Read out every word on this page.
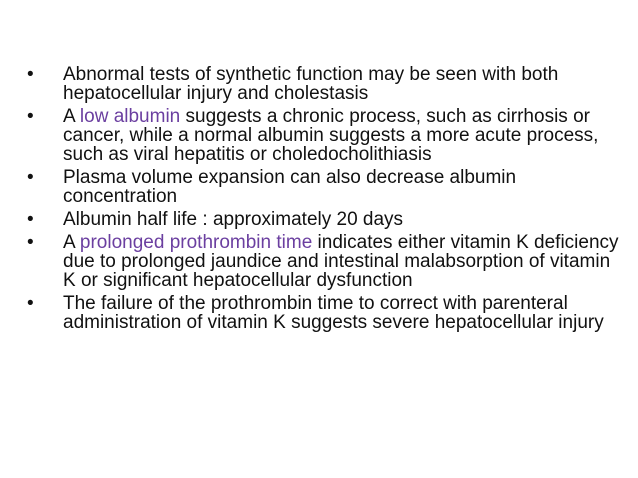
• Abnormal tests of synthetic function may be seen with both hepatocellular injury and cholestasis
• A low albumin suggests a chronic process, such as cirrhosis or cancer, while a normal albumin suggests a more acute process, such as viral hepatitis or choledocholithiasis
• Plasma volume expansion can also decrease albumin concentration
• Albumin half life : approximately 20 days
• A prolonged prothrombin time indicates either vitamin K deficiency due to prolonged jaundice and intestinal malabsorption of vitamin K or significant hepatocellular dysfunction
• The failure of the prothrombin time to correct with parenteral administration of vitamin K suggests severe hepatocellular injury
